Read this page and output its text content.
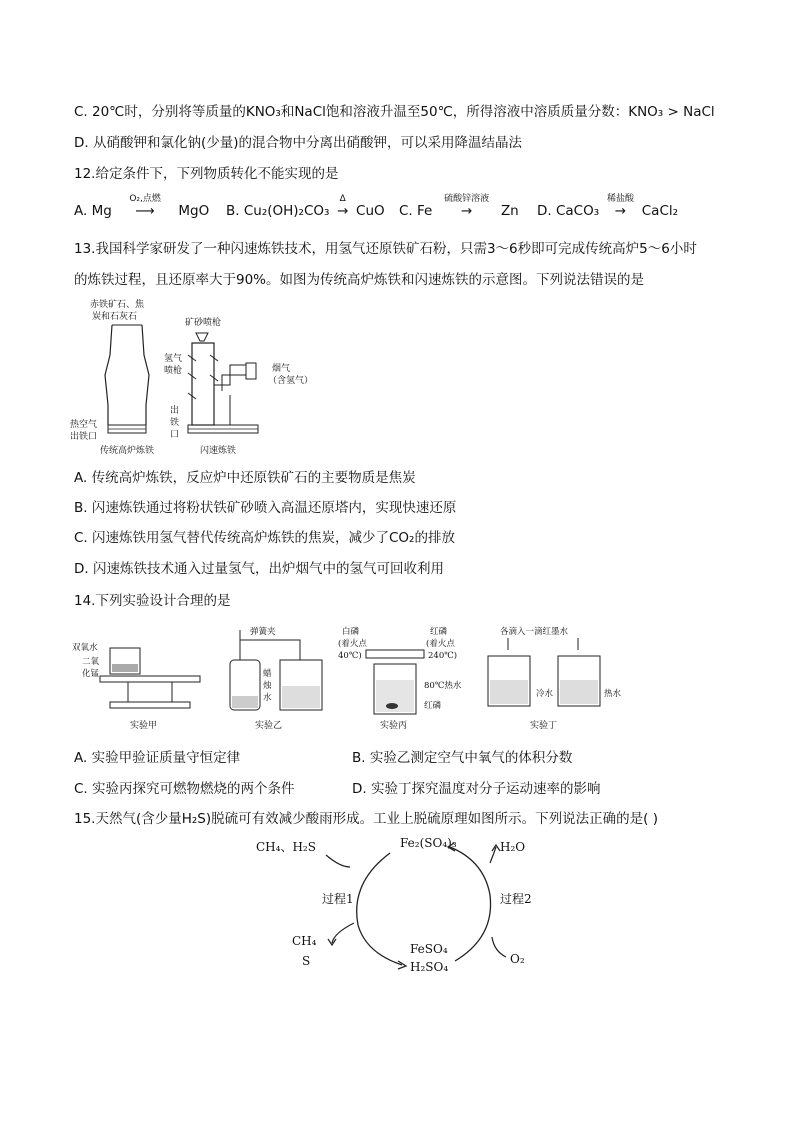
C. 20℃时，分别将等质量的KNO₃和NaCl饱和溶液升温至50℃，所得溶液中溶质质量分数：KNO₃ > NaCl
D. 从硝酸钾和氯化钠(少量)的混合物中分离出硝酸钾，可以采用降温结晶法
12.给定条件下，下列物质转化不能实现的是
A. Mg
O₂,点燃
⟶ MgO B. Cu₂(OH)₂CO₃
Δ
→ CuO C. Fe
硫酸锌溶液
→ Zn D. CaCO₃
稀盐酸
→ CaCl₂
13.我国科学家研发了一种闪速炼铁技术，用氢气还原铁矿石粉，只需3～6秒即可完成传统高炉5～6小时
的炼铁过程，且还原率大于90%。如图为传统高炉炼铁和闪速炼铁的示意图。下列说法错误的是
赤铁矿石、焦
炭和石灰石
热空气
出铁口
传统高炉炼铁
矿砂喷枪
氢气
喷枪	烟气
（含氢气）
出
铁
口
闪速炼铁
A. 传统高炉炼铁，反应炉中还原铁矿石的主要物质是焦炭
B. 闪速炼铁通过将粉状铁矿砂喷入高温还原塔内，实现快速还原
C. 闪速炼铁用氢气替代传统高炉炼铁的焦炭，减少了CO₂的排放
D. 闪速炼铁技术通入过量氢气，出炉烟气中的氢气可回收利用
14.下列实验设计合理的是
双氧水
二氧
化锰
实验甲
弹簧夹
蜡
烛
水
实验乙
白磷
(着火点
40℃)
红磷
(着火点
240℃)
80℃热水
红磷
实验丙
各滴入一滴红墨水
冷水	热水
实验丁
A. 实验甲验证质量守恒定律	B. 实验乙测定空气中氧气的体积分数
C. 实验丙探究可燃物燃烧的两个条件	D. 实验丁探究温度对分子运动速率的影响
15.天然气(含少量H₂S)脱硫可有效减少酸雨形成。工业上脱硫原理如图所示。下列说法正确的是( )
CH₄、H₂S	Fe₂(SO₄)₃	H₂O
过程1	过程2
CH₄
S
FeSO₄
H₂SO₄
O₂
